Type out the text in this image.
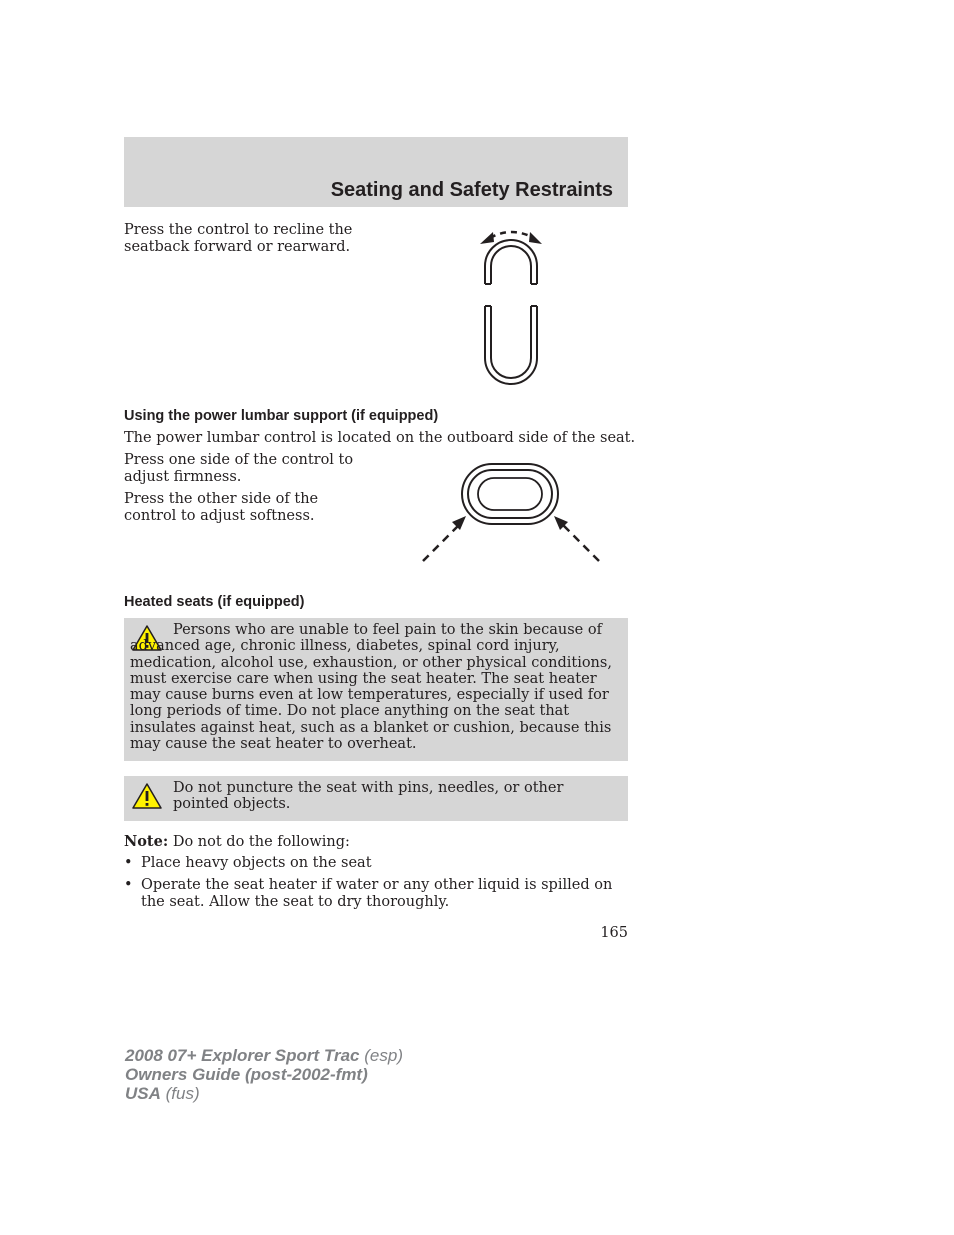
Seating and Safety Restraints

Press the control to recline the seatback forward or rearward.

Using the power lumbar support (if equipped)

The power lumbar control is located on the outboard side of the seat.

Press one side of the control to adjust firmness.

Press the other side of the control to adjust softness.

Heated seats (if equipped)

Persons who are unable to feel pain to the skin because of advanced age, chronic illness, diabetes, spinal cord injury, medication, alcohol use, exhaustion, or other physical conditions, must exercise care when using the seat heater. The seat heater may cause burns even at low temperatures, especially if used for long periods of time. Do not place anything on the seat that insulates against heat, such as a blanket or cushion, because this may cause the seat heater to overheat.

Do not puncture the seat with pins, needles, or other pointed objects.

Note: Do not do the following:

• Place heavy objects on the seat
• Operate the seat heater if water or any other liquid is spilled on the seat. Allow the seat to dry thoroughly.
165
2008 07+ Explorer Sport Trac (esp)
Owners Guide (post-2002-fmt)
USA (fus)
